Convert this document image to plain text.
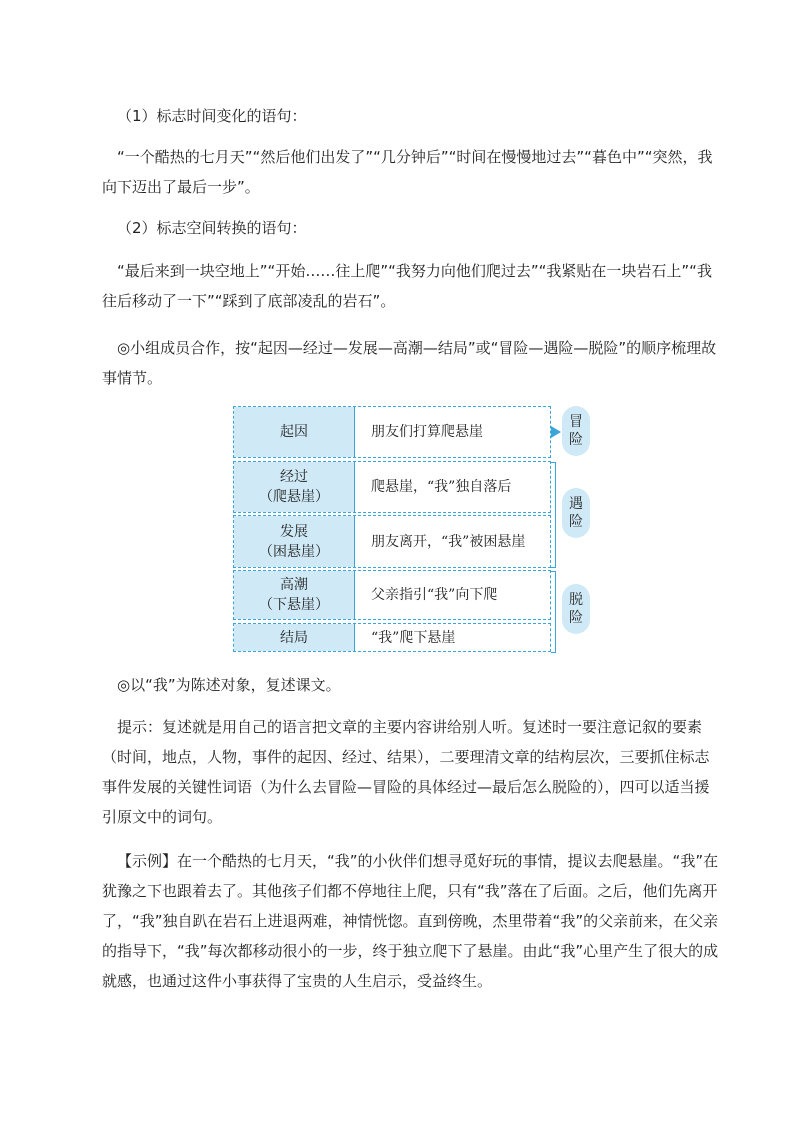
（1）标志时间变化的语句：

“一个酷热的七月天”“然后他们出发了”“几分钟后”“时间在慢慢地过去”“暮色中”“突然，我向下迈出了最后一步”。

（2）标志空间转换的语句：

“最后来到一块空地上”“开始……往上爬”“我努力向他们爬过去”“我紧贴在一块岩石上”“我往后移动了一下”“踩到了底部凌乱的岩石”。

◎小组成员合作，按“起因—经过—发展—高潮—结局”或“冒险—遇险—脱险”的顺序梳理故事情节。

起因	朋友们打算爬悬崖
经过
（爬悬崖）
爬悬崖，“我”独自落后
发展
（困悬崖）
朋友离开，“我”被困悬崖
高潮
（下悬崖）
父亲指引“我”向下爬
结局	“我”爬下悬崖
冒
险
遇
险
脱
险

◎以“我”为陈述对象，复述课文。

提示：复述就是用自己的语言把文章的主要内容讲给别人听。复述时一要注意记叙的要素（时间，地点，人物，事件的起因、经过、结果），二要理清文章的结构层次，三要抓住标志事件发展的关键性词语（为什么去冒险—冒险的具体经过—最后怎么脱险的），四可以适当援引原文中的词句。

【示例】在一个酷热的七月天，“我”的小伙伴们想寻觅好玩的事情，提议去爬悬崖。“我”在犹豫之下也跟着去了。其他孩子们都不停地往上爬，只有“我”落在了后面。之后，他们先离开了，“我”独自趴在岩石上进退两难，神情恍惚。直到傍晚，杰里带着“我”的父亲前来，在父亲的指导下，“我”每次都移动很小的一步，终于独立爬下了悬崖。由此“我”心里产生了很大的成就感，也通过这件小事获得了宝贵的人生启示，受益终生。
